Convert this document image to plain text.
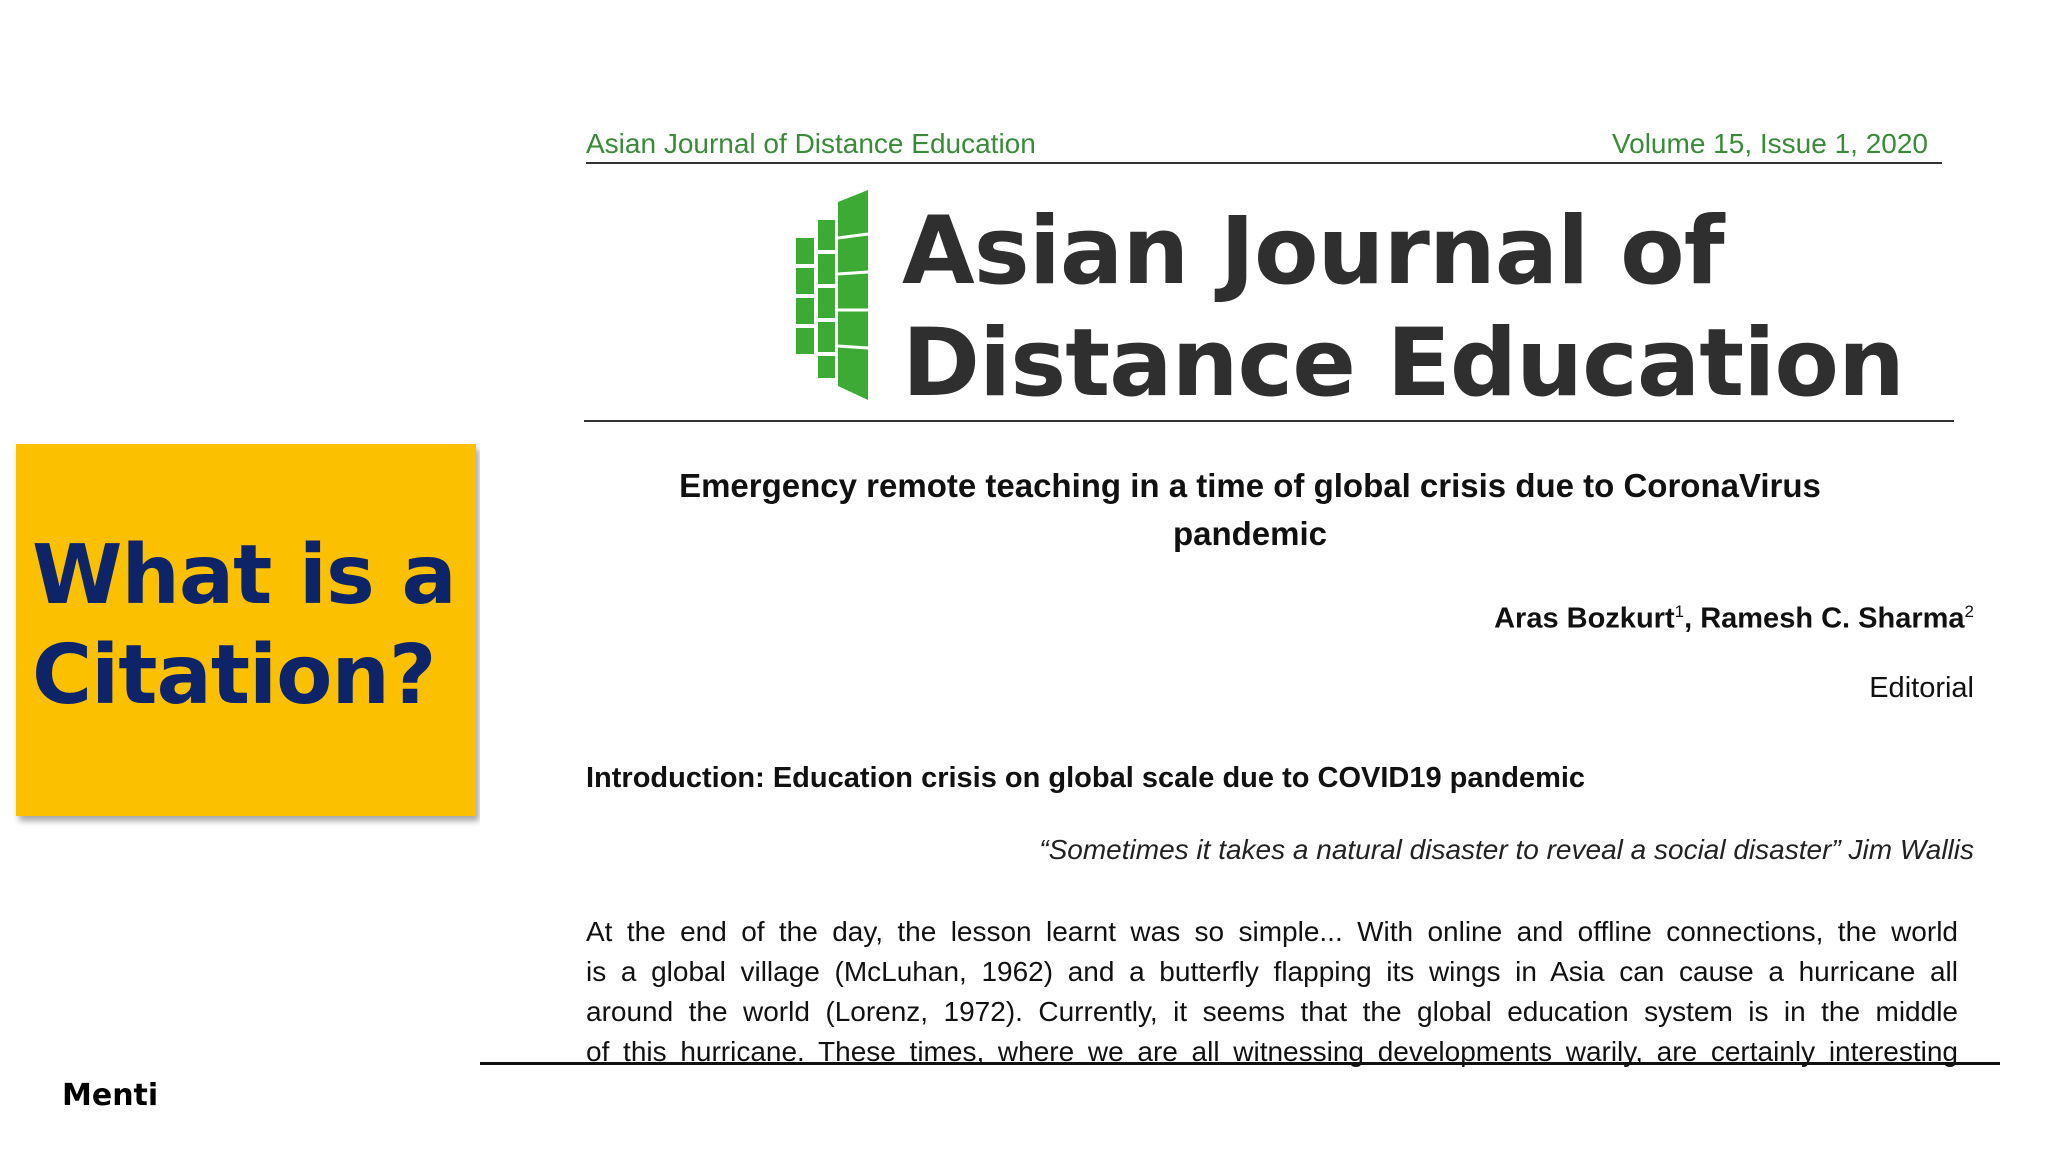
What is a
Citation?
Menti
Asian Journal of Distance Education	Volume 15, Issue 1, 2020
Asian Journal of
Distance Education
Emergency remote teaching in a time of global crisis due to CoronaVirus
pandemic
Aras Bozkurt$^1$, Ramesh C. Sharma$^2$
Editorial
Introduction: Education crisis on global scale due to COVID19 pandemic
“Sometimes it takes a natural disaster to reveal a social disaster” Jim Wallis
At the end of the day, the lesson learnt was so simple... With online and offline connections, the world
is a global village (McLuhan, 1962) and a butterfly flapping its wings in Asia can cause a hurricane all
around the world (Lorenz, 1972). Currently, it seems that the global education system is in the middle
of this hurricane. These times, where we are all witnessing developments warily, are certainly interesting
